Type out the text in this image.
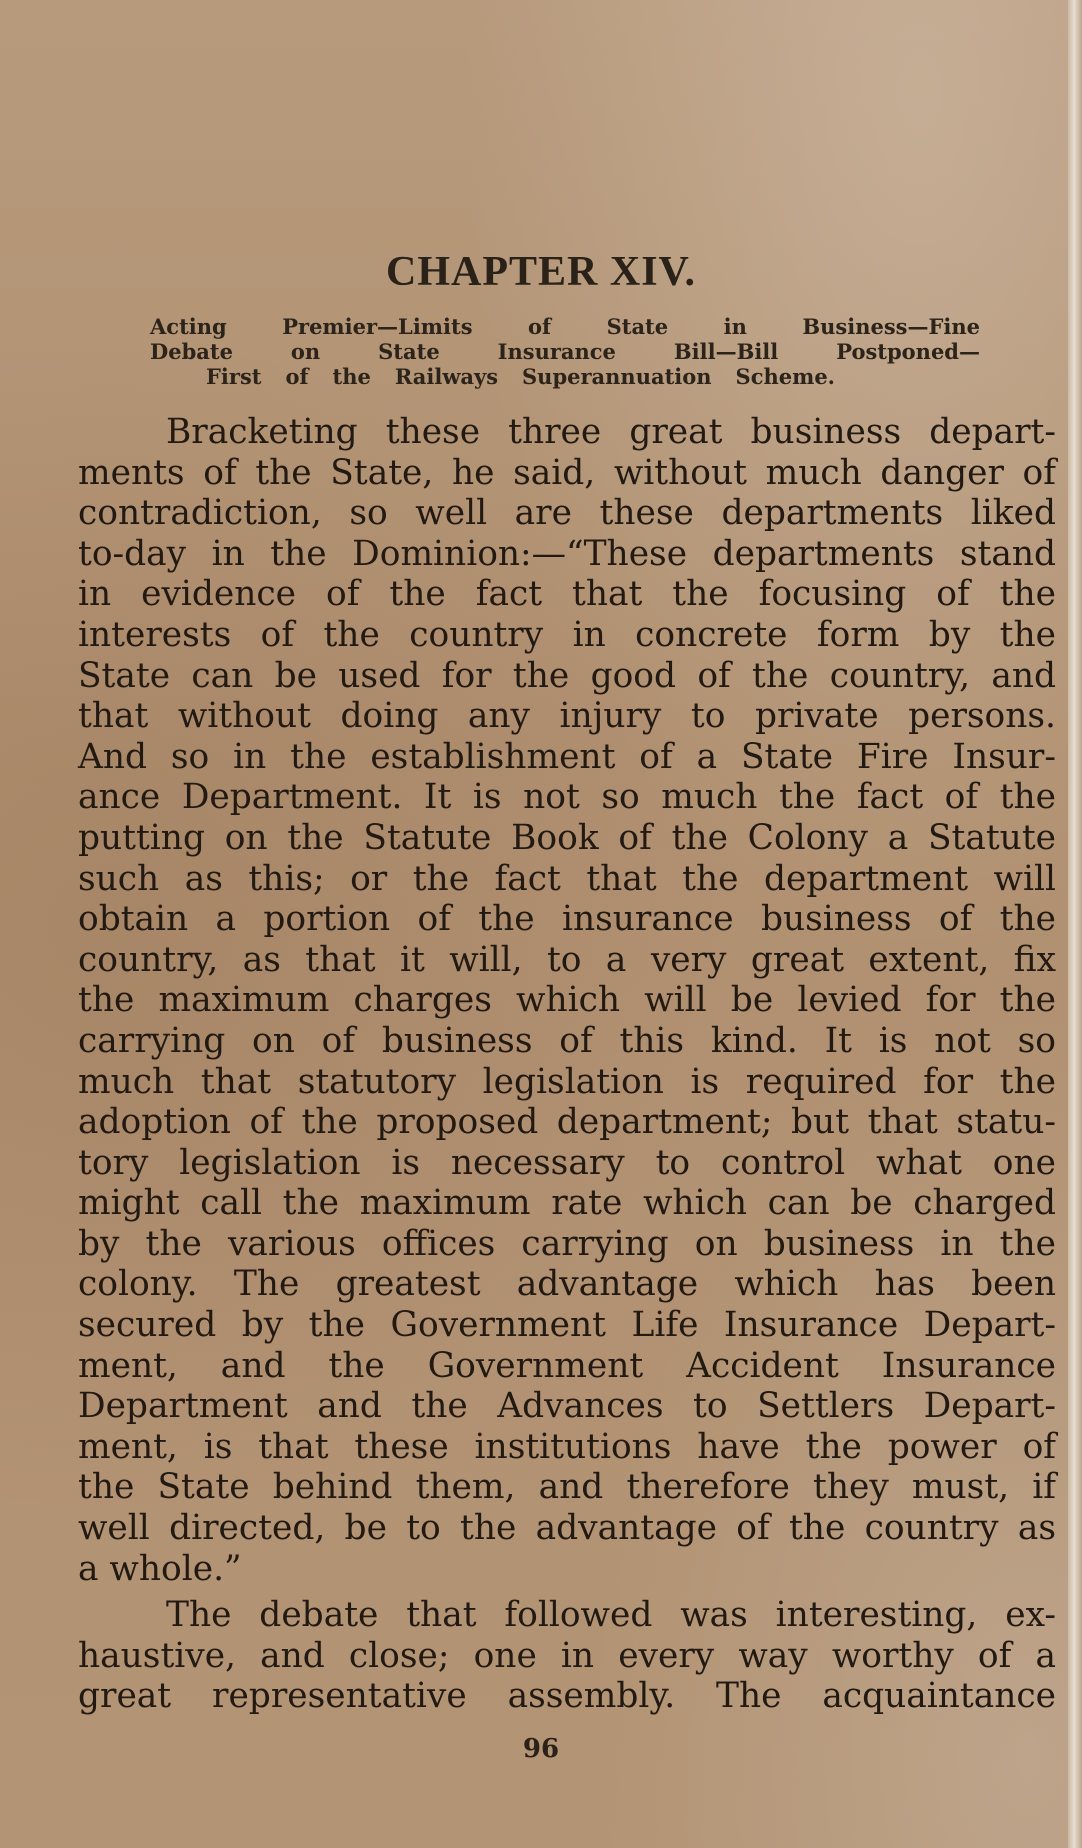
CHAPTER XIV.
Acting Premier—Limits of State in Business—Fine
Debate on State Insurance Bill—Bill Postponed—
First of the Railways Superannuation Scheme.
Bracketing these three great business depart-
ments of the State, he said, without much danger of
contradiction, so well are these departments liked
to-day in the Dominion:—“These departments stand
in evidence of the fact that the focusing of the
interests of the country in concrete form by the
State can be used for the good of the country, and
that without doing any injury to private persons.
And so in the establishment of a State Fire Insur-
ance Department. It is not so much the fact of the
putting on the Statute Book of the Colony a Statute
such as this; or the fact that the department will
obtain a portion of the insurance business of the
country, as that it will, to a very great extent, fix
the maximum charges which will be levied for the
carrying on of business of this kind. It is not so
much that statutory legislation is required for the
adoption of the proposed department; but that statu-
tory legislation is necessary to control what one
might call the maximum rate which can be charged
by the various offices carrying on business in the
colony. The greatest advantage which has been
secured by the Government Life Insurance Depart-
ment, and the Government Accident Insurance
Department and the Advances to Settlers Depart-
ment, is that these institutions have the power of
the State behind them, and therefore they must, if
well directed, be to the advantage of the country as
a whole.”
The debate that followed was interesting, ex-
haustive, and close; one in every way worthy of a
great representative assembly. The acquaintance
96
